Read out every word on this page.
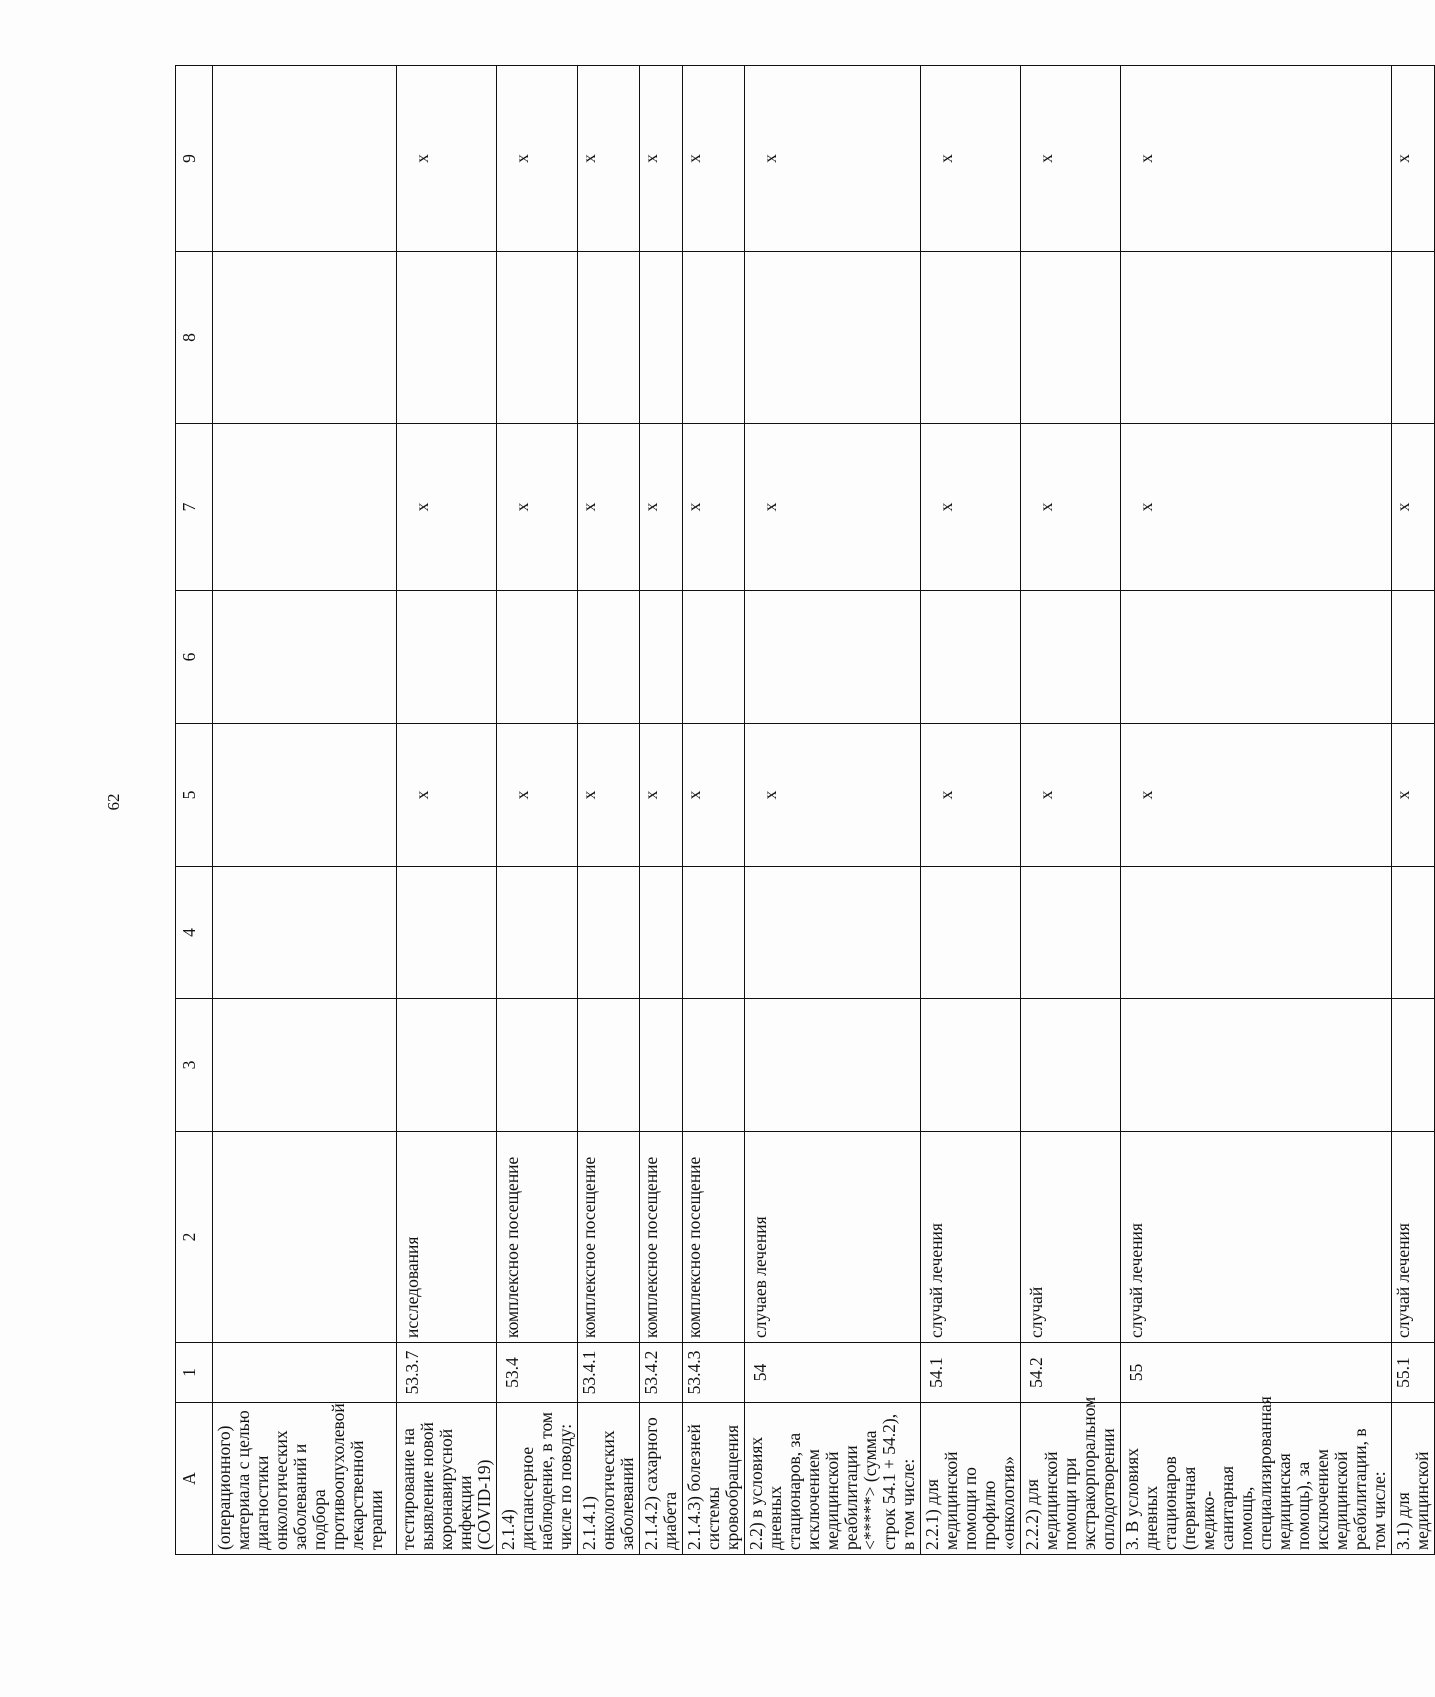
62
А	1	2	3	4	5	6	7	8	9
(операционного) материала с целью диагностики онкологических заболеваний и подбора противоопухолевой лекарственной терапии									
тестирование на выявление новой коронавирусной инфекции (COVID-19)	53.3.7	исследования			x		x		x
2.1.4) диспансерное наблюдение, в том числе по поводу:	53.4	комплексное посещение			x		x		x
2.1.4.1) онкологических заболеваний	53.4.1	комплексное посещение			x		x		x
2.1.4.2) сахарного диабета	53.4.2	комплексное посещение			x		x		x
2.1.4.3) болезней системы кровообращения	53.4.3	комплексное посещение			x		x		x
2.2) в условиях дневных стационаров, за исключением медицинской реабилитации <*****> (сумма строк 54.1 + 54.2), в том числе:	54	случаев лечения			x		x		x
2.2.1) для медицинской помощи по профилю «онкология»	54.1	случай лечения			x		x		x
2.2.2) для медицинской помощи при экстракорпоральном оплодотворении	54.2	случай			x		x		x
3. В условиях дневных стационаров (первичная медико-санитарная помощь, специализированная медицинская помощь), за исключением медицинской реабилитации, в том числе:	55	случай лечения			x		x		x
3.1) для медицинской	55.1	случай лечения			x		x		x
